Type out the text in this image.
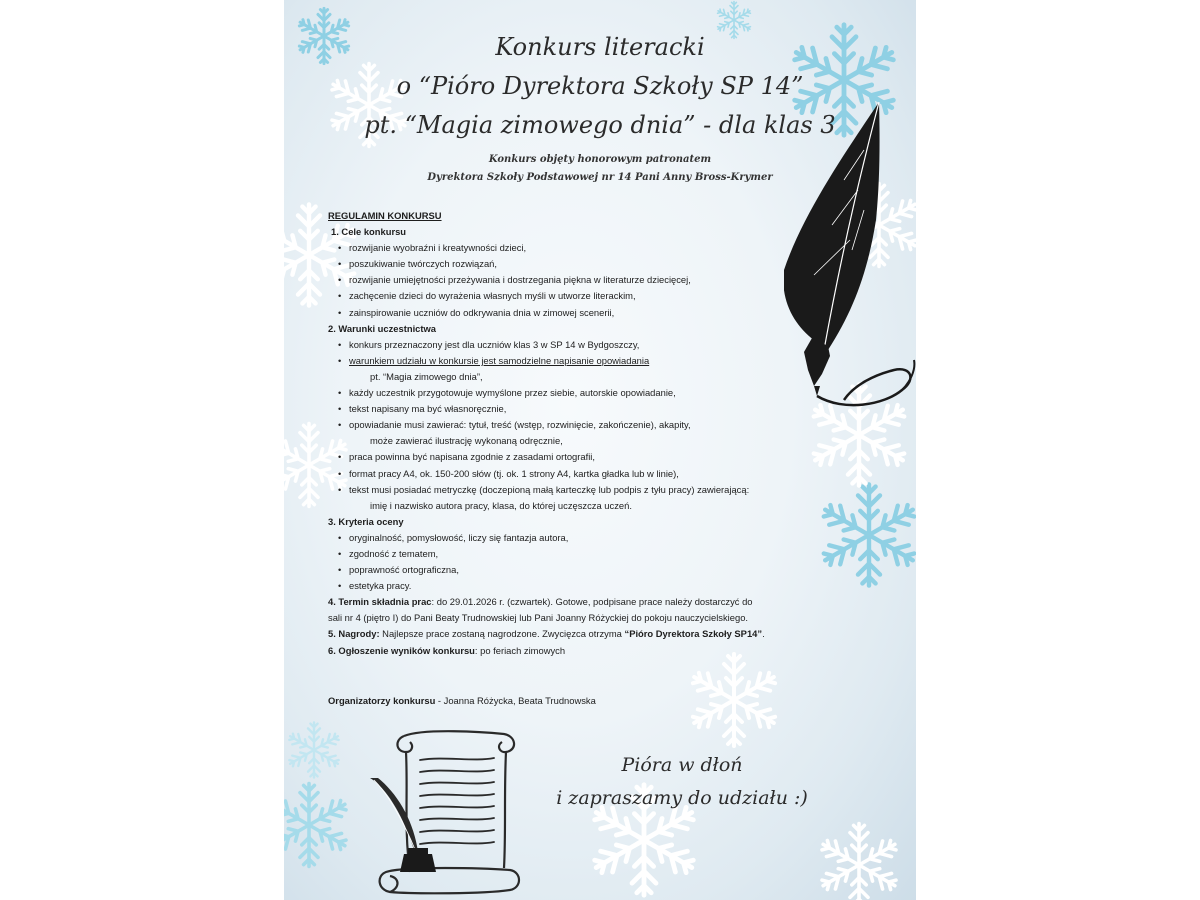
Konkurs literacki
o “Pióro Dyrektora Szkoły SP 14”
pt. “Magia zimowego dnia” - dla klas 3
Konkurs objęty honorowym patronatem
Dyrektora Szkoły Podstawowej nr 14 Pani Anny Bross-Krymer
REGULAMIN KONKURSU
1. Cele konkursu
• rozwijanie wyobraźni i kreatywności dzieci,
• poszukiwanie twórczych rozwiązań,
• rozwijanie umiejętności przeżywania i dostrzegania piękna w literaturze dziecięcej,
• zachęcenie dzieci do wyrażenia własnych myśli w utworze literackim,
• zainspirowanie uczniów do odkrywania dnia w zimowej scenerii,
2. Warunki uczestnictwa
• konkurs przeznaczony jest dla uczniów klas 3 w SP 14 w Bydgoszczy,
• warunkiem udziału w konkursie jest samodzielne napisanie opowiadania
pt. “Magia zimowego dnia”,
• każdy uczestnik przygotowuje wymyślone przez siebie, autorskie opowiadanie,
• tekst napisany ma być własnoręcznie,
• opowiadanie musi zawierać: tytuł, treść (wstęp, rozwinięcie, zakończenie), akapity,
może zawierać ilustrację wykonaną odręcznie,
• praca powinna być napisana zgodnie z zasadami ortografii,
• format pracy A4, ok. 150-200 słów (tj. ok. 1 strony A4, kartka gładka lub w linie),
• tekst musi posiadać metryczkę (doczepioną małą karteczkę lub podpis z tyłu pracy) zawierającą:
imię i nazwisko autora pracy, klasa, do której uczęszcza uczeń.
3. Kryteria oceny
• oryginalność, pomysłowość, liczy się fantazja autora,
• zgodność z tematem,
• poprawność ortograficzna,
• estetyka pracy.
4. Termin składnia prac: do 29.01.2026 r. (czwartek). Gotowe, podpisane prace należy dostarczyć do
sali nr 4 (piętro I) do Pani Beaty Trudnowskiej lub Pani Joanny Różyckiej do pokoju nauczycielskiego.
5. Nagrody: Najlepsze prace zostaną nagrodzone. Zwycięzca otrzyma “Pióro Dyrektora Szkoły SP14”.
6. Ogłoszenie wyników konkursu: po feriach zimowych
Organizatorzy konkursu - Joanna Różycka, Beata Trudnowska
Pióra w dłoń
i zapraszamy do udziału :)
